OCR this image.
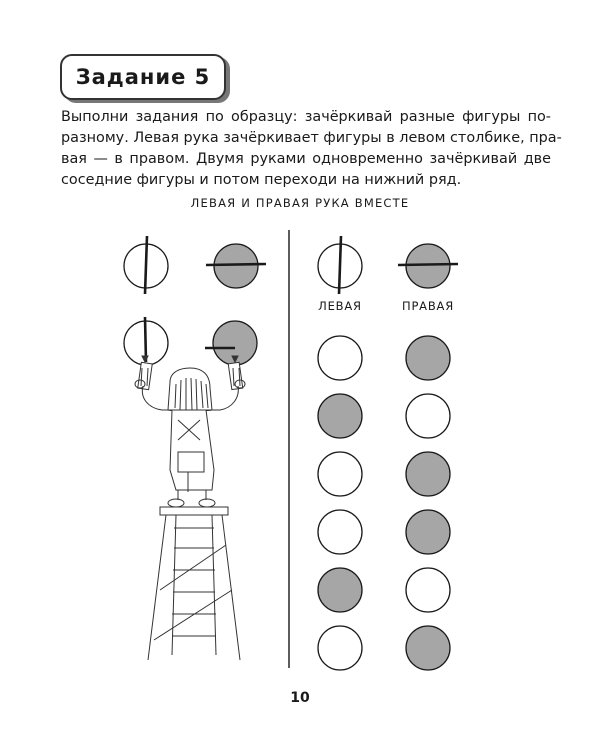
Задание 5
Выполни задания по образцу: зачёркивай разные фигуры по-
разному. Левая рука зачёркивает фигуры в левом столбике, пра-
вая — в правом. Двумя руками одновременно зачёркивай две
соседние фигуры и потом переходи на нижний ряд.
ЛЕВАЯ И ПРАВАЯ РУКА ВМЕСТЕ
ЛЕВАЯ	ПРАВАЯ
10
